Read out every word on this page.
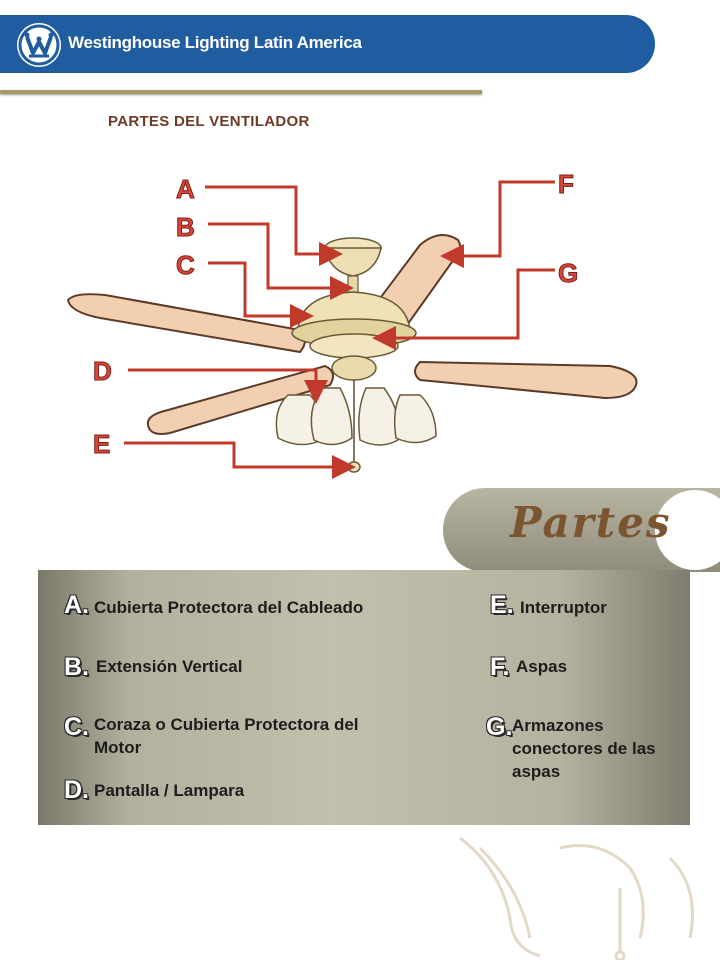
Westinghouse Lighting Latin America
PARTES DEL VENTILADOR
A
B
C
D
E
F
G
Partes
A. Cubierta Protectora del Cableado
B. Extensión Vertical
C. Coraza o Cubierta Protectora del Motor
D. Pantalla / Lampara
E. Interruptor
F. Aspas
G. Armazones conectores de las aspas
